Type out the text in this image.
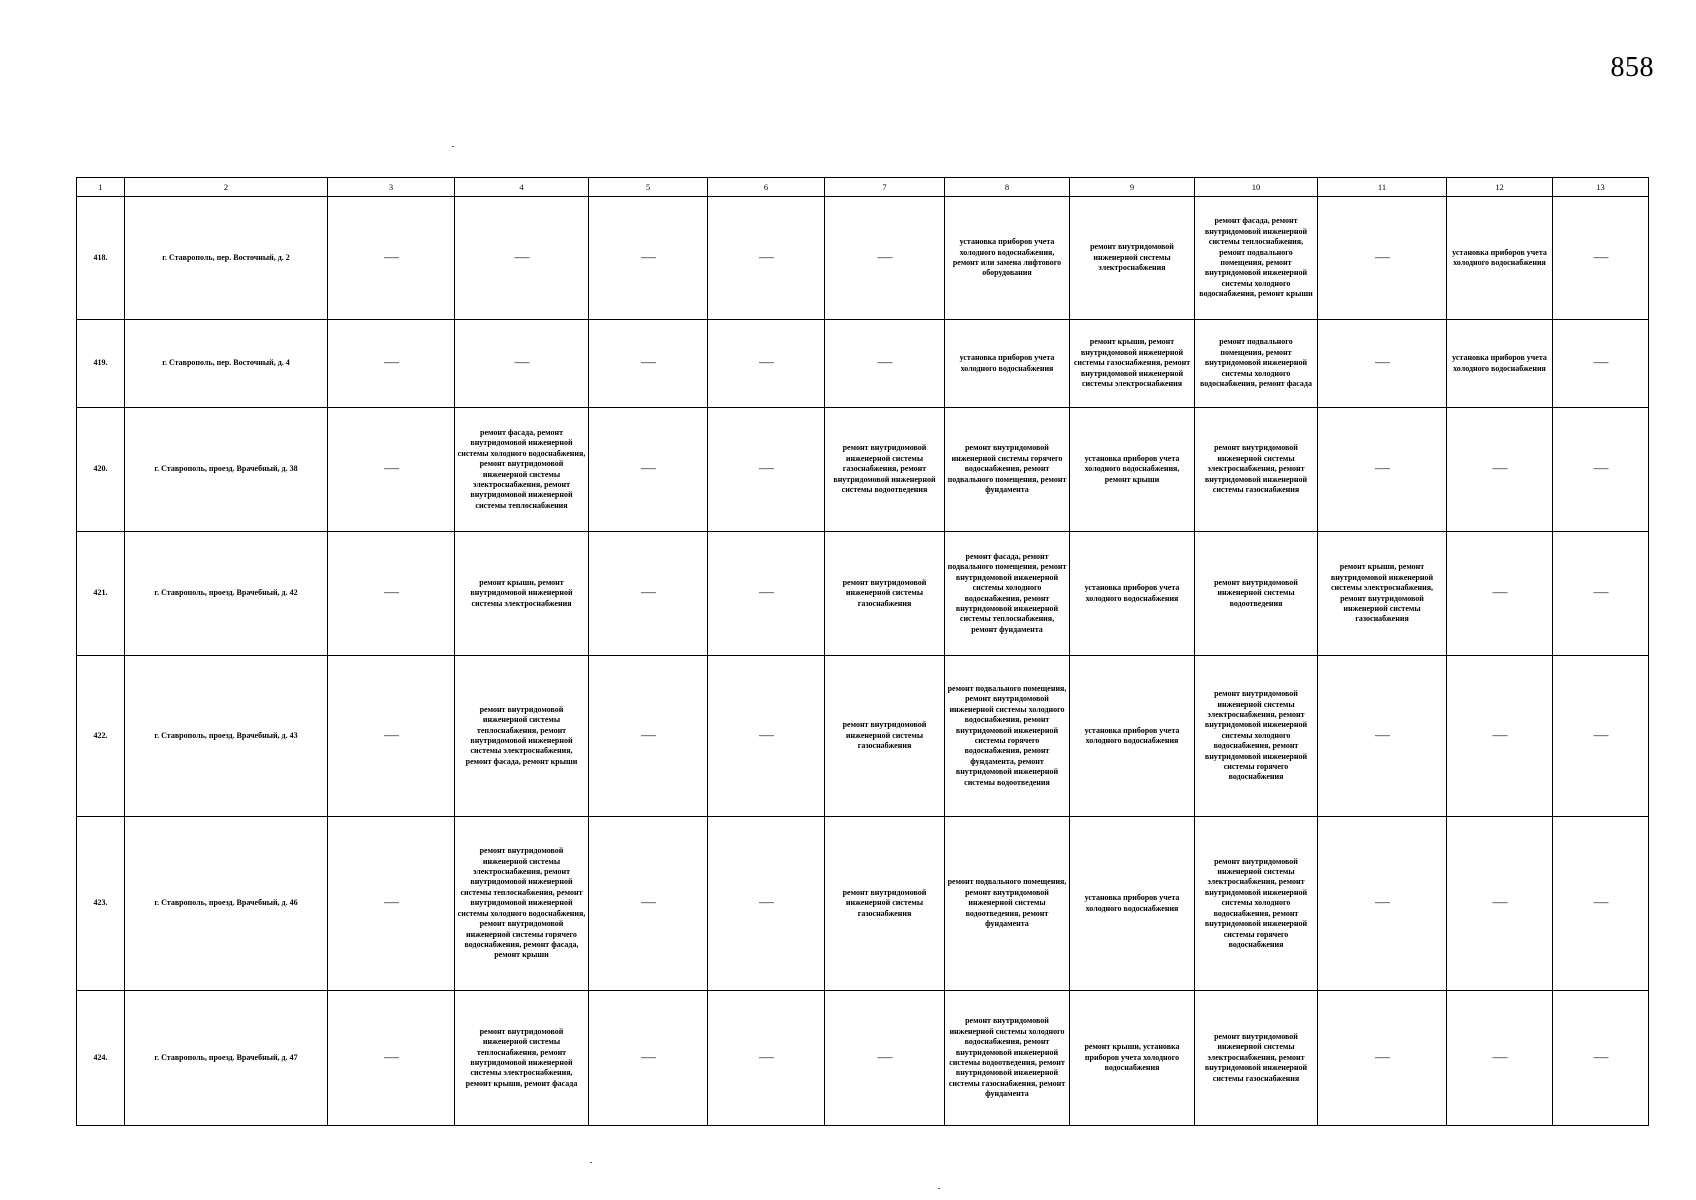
858
1	2	3	4	5	6	7	8	9	10	11	12	13
418.	г. Ставрополь, пер. Восточный, д. 2	——	——	——	——	——	установка приборов учета холодного водоснабжения, ремонт или замена лифтового оборудования	ремонт внутридомовой инженерной системы электроснабжения	ремонт фасада, ремонт внутридомовой инженерной системы теплоснабжения, ремонт подвального помещения, ремонт внутридомовой инженерной системы холодного водоснабжения, ремонт крыши	——	установка приборов учета холодного водоснабжения	——
419.	г. Ставрополь, пер. Восточный, д. 4	——	——	——	——	——	установка приборов учета холодного водоснабжения	ремонт крыши, ремонт внутридомовой инженерной системы газоснабжения, ремонт внутридомовой инженерной системы электроснабжения	ремонт подвального помещения, ремонт внутридомовой инженерной системы холодного водоснабжения, ремонт фасада	——	установка приборов учета холодного водоснабжения	——
420.	г. Ставрополь, проезд. Врачебный, д. 38	——	ремонт фасада, ремонт внутридомовой инженерной системы холодного водоснабжения, ремонт внутридомовой инженерной системы электроснабжения, ремонт внутридомовой инженерной системы теплоснабжения	——	——	ремонт внутридомовой инженерной системы газоснабжения, ремонт внутридомовой инженерной системы водоотведения	ремонт внутридомовой инженерной системы горячего водоснабжения, ремонт подвального помещения, ремонт фундамента	установка приборов учета холодного водоснабжения, ремонт крыши	ремонт внутридомовой инженерной системы электроснабжения, ремонт внутридомовой инженерной системы газоснабжения	——	——	——
421.	г. Ставрополь, проезд. Врачебный, д. 42	——	ремонт крыши, ремонт внутридомовой инженерной системы электроснабжения	——	——	ремонт внутридомовой инженерной системы газоснабжения	ремонт фасада, ремонт подвального помещения, ремонт внутридомовой инженерной системы холодного водоснабжения, ремонт внутридомовой инженерной системы теплоснабжения, ремонт фундамента	установка приборов учета холодного водоснабжения	ремонт внутридомовой инженерной системы водоотведения	ремонт крыши, ремонт внутридомовой инженерной системы электроснабжения, ремонт внутридомовой инженерной системы газоснабжения	——	——
422.	г. Ставрополь, проезд. Врачебный, д. 43	——	ремонт внутридомовой инженерной системы теплоснабжения, ремонт внутридомовой инженерной системы электроснабжения, ремонт фасада, ремонт крыши	——	——	ремонт внутридомовой инженерной системы газоснабжения	ремонт подвального помещения, ремонт внутридомовой инженерной системы холодного водоснабжения, ремонт внутридомовой инженерной системы горячего водоснабжения, ремонт фундамента, ремонт внутридомовой инженерной системы водоотведения	установка приборов учета холодного водоснабжения	ремонт внутридомовой инженерной системы электроснабжения, ремонт внутридомовой инженерной системы холодного водоснабжения, ремонт внутридомовой инженерной системы горячего водоснабжения	——	——	——
423.	г. Ставрополь, проезд. Врачебный, д. 46	——	ремонт внутридомовой инженерной системы электроснабжения, ремонт внутридомовой инженерной системы теплоснабжения, ремонт внутридомовой инженерной системы холодного водоснабжения, ремонт внутридомовой инженерной системы горячего водоснабжения, ремонт фасада, ремонт крыши	——	——	ремонт внутридомовой инженерной системы газоснабжения	ремонт подвального помещения, ремонт внутридомовой инженерной системы водоотведения, ремонт фундамента	установка приборов учета холодного водоснабжения	ремонт внутридомовой инженерной системы электроснабжения, ремонт внутридомовой инженерной системы холодного водоснабжения, ремонт внутридомовой инженерной системы горячего водоснабжения	——	——	——
424.	г. Ставрополь, проезд. Врачебный, д. 47	——	ремонт внутридомовой инженерной системы теплоснабжения, ремонт внутридомовой инженерной системы электроснабжения, ремонт крыши, ремонт фасада	——	——	——	ремонт внутридомовой инженерной системы холодного водоснабжения, ремонт внутридомовой инженерной системы водоотведения, ремонт внутридомовой инженерной системы газоснабжения, ремонт фундамента	ремонт крыши, установка приборов учета холодного водоснабжения	ремонт внутридомовой инженерной системы электроснабжения, ремонт внутридомовой инженерной системы газоснабжения	——	——	——
